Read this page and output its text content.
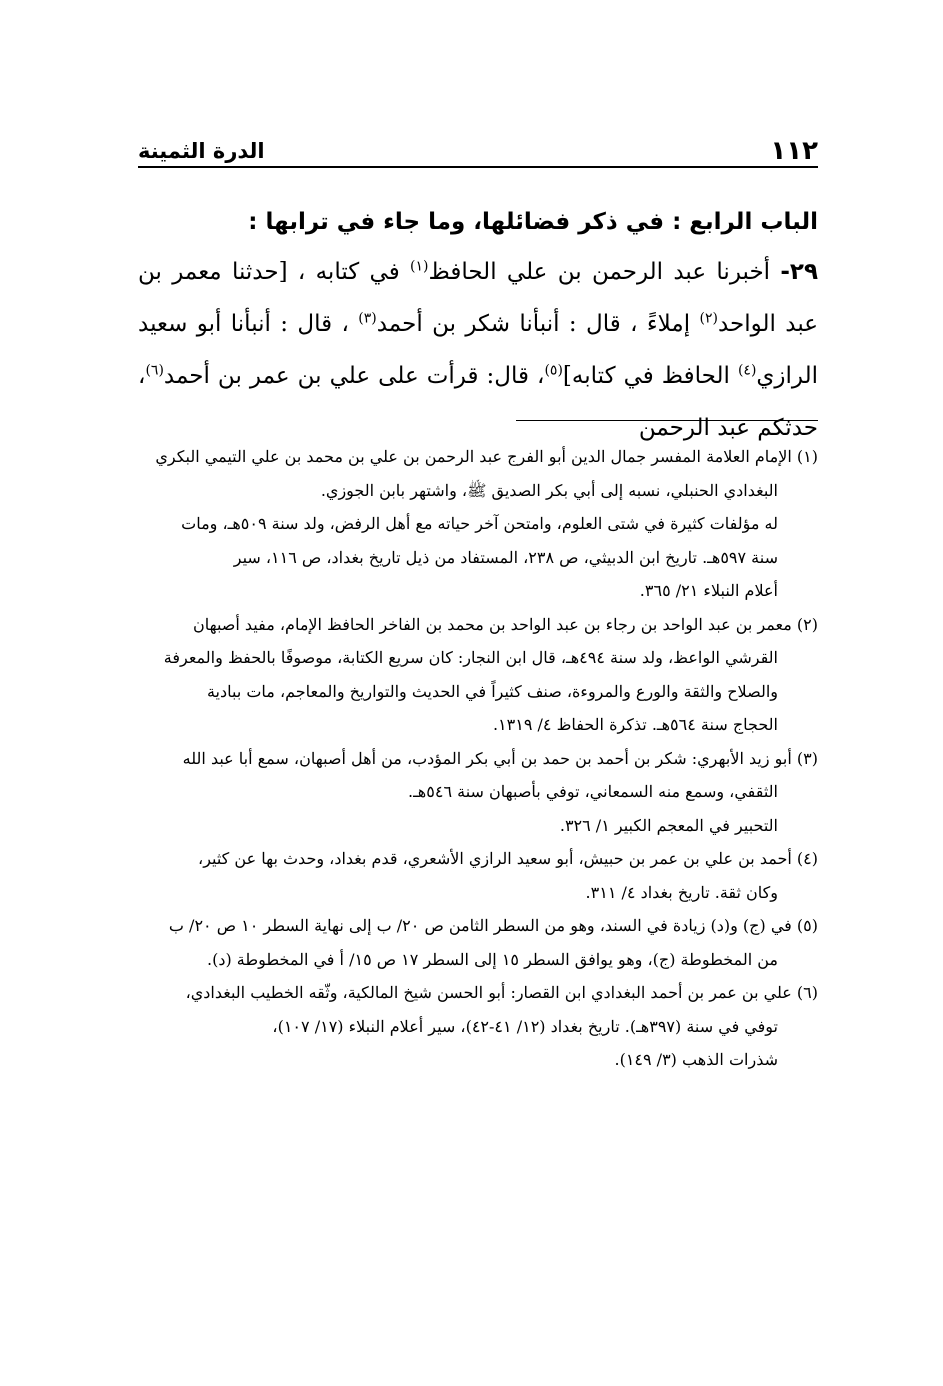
١١٢
الدرة الثمينة

الباب الرابع : في ذكر فضائلها، وما جاء في ترابها :

٢٩- أخبرنا عبد الرحمن بن علي الحافظ$^{(١)}$ في كتابه ، [حدثنا معمر بن عبد الواحد$^{(٢)}$ إملاءً ، قال : أنبأنا شكر بن أحمد$^{(٣)}$ ، قال : أنبأنا أبو سعيد الرازي$^{(٤)}$ الحافظ في كتابه]$^{(٥)}$، قال: قرأت على علي بن عمر بن أحمد$^{(٦)}$، حدثكم عبد الرحمن

(١) الإمام العلامة المفسر جمال الدين أبو الفرج عبد الرحمن بن علي بن محمد بن علي التيمي البكري

البغدادي الحنبلي، نسبه إلى أبي بكر الصديق ﷺ، واشتهر بابن الجوزي.

له مؤلفات كثيرة في شتى العلوم، وامتحن آخر حياته مع أهل الرفض، ولد سنة ٥٠٩هـ، ومات

سنة ٥٩٧هـ. تاريخ ابن الدبيثي، ص ٢٣٨، المستفاد من ذيل تاريخ بغداد، ص ١١٦، سير

أعلام النبلاء ٢١/ ٣٦٥.

(٢) معمر بن عبد الواحد بن رجاء بن عبد الواحد بن محمد بن الفاخر الحافظ الإمام، مفيد أصبهان

القرشي الواعظ، ولد سنة ٤٩٤هـ، قال ابن النجار: كان سريع الكتابة، موصوفًا بالحفظ والمعرفة

والصلاح والثقة والورع والمروءة، صنف كثيراً في الحديث والتواريخ والمعاجم، مات ببادية

الحجاج سنة ٥٦٤هـ. تذكرة الحفاظ ٤/ ١٣١٩.

(٣) أبو زيد الأبهري: شكر بن أحمد بن حمد بن أبي بكر المؤدب، من أهل أصبهان، سمع أبا عبد الله

الثقفي، وسمع منه السمعاني، توفي بأصبهان سنة ٥٤٦هـ.

التحبير في المعجم الكبير ١/ ٣٢٦.

(٤) أحمد بن علي بن عمر بن حبيش، أبو سعيد الرازي الأشعري، قدم بغداد، وحدث بها عن كثير،

وكان ثقة. تاريخ بغداد ٤/ ٣١١.

(٥) في (ج) و(د) زيادة في السند، وهو من السطر الثامن ص ٢٠/ ب إلى نهاية السطر ١٠ ص ٢٠/ ب

من المخطوطة (ج)، وهو يوافق السطر ١٥ إلى السطر ١٧ ص ١٥/ أ في المخطوطة (د).

(٦) علي بن عمر بن أحمد البغدادي ابن القصار: أبو الحسن شيخ المالكية، وثّقه الخطيب البغدادي،

توفي في سنة (٣٩٧هـ). تاريخ بغداد (١٢/ ٤١-٤٢)، سير أعلام النبلاء (١٧/ ١٠٧)،

شذرات الذهب (٣/ ١٤٩).
